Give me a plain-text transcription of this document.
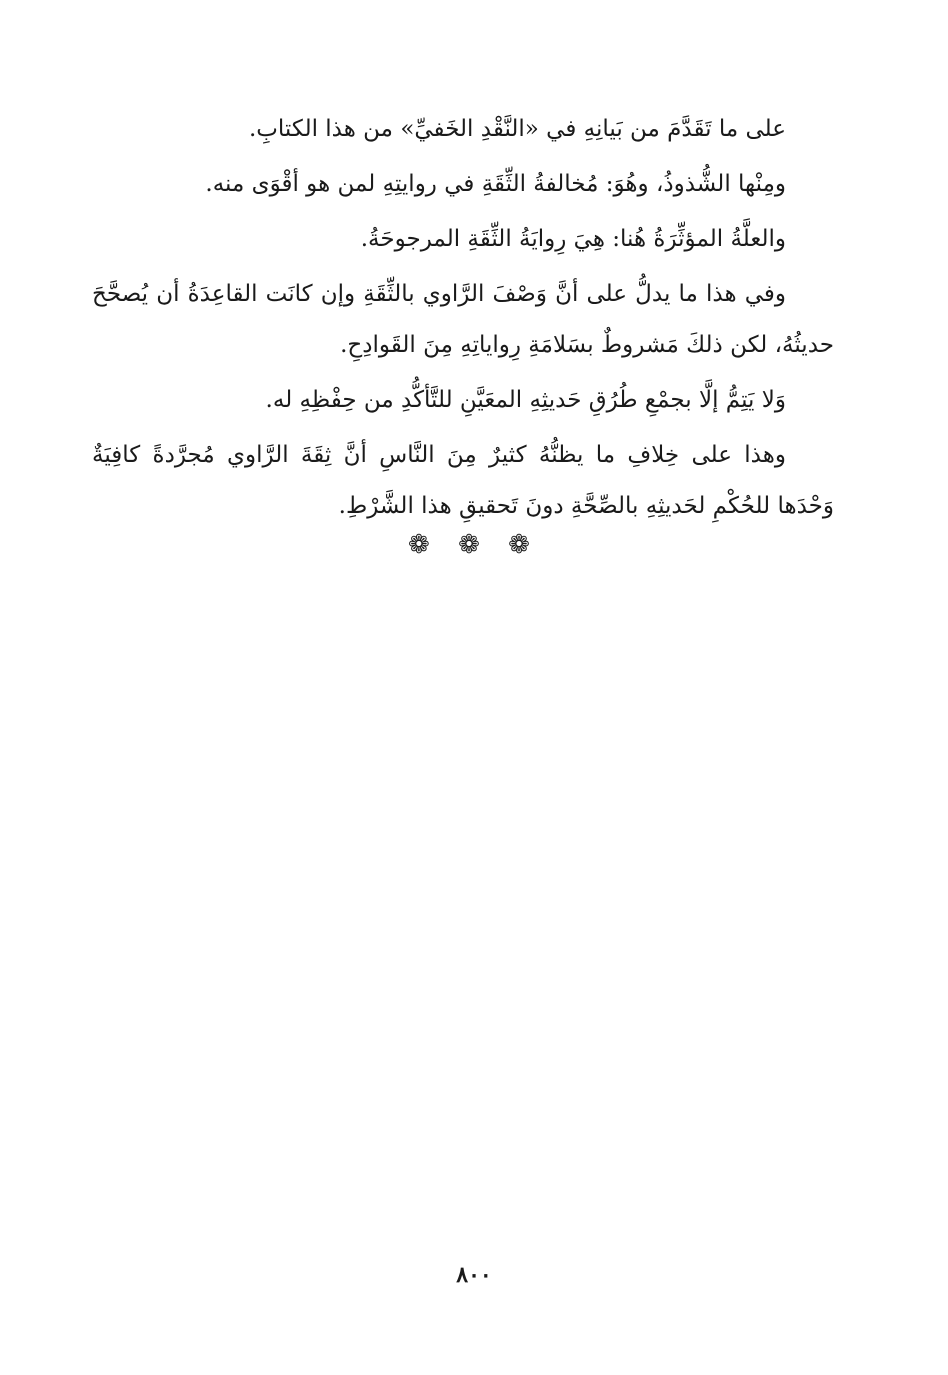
على ما تَقَدَّمَ من بَيانِهِ في «النَّقْدِ الخَفيِّ» من هذا الكتابِ.

ومِنْها الشُّذوذُ، وهُوَ: مُخالفةُ الثِّقَةِ في روايتِهِ لمن هو أقْوَى منه.

والعلَّةُ المؤثِّرَةُ هُنا: هِيَ رِوايَةُ الثِّقَةِ المرجوحَةُ.

وفي هذا ما يدلُّ على أنَّ وَصْفَ الرَّاوي بالثِّقَةِ وإن كانَت القاعِدَةُ أن يُصحَّحَ حديثُهُ، لكن ذلكَ مَشروطٌ بسَلامَةِ رِواياتِهِ مِنَ القَوادِحِ.

وَلا يَتِمُّ إلَّا بجمْعِ طُرُقِ حَديثِهِ المعَيَّنِ للتَّأكُّدِ من حِفْظِهِ له.

وهذا على خِلافِ ما يظنُّهُ كثيرٌ مِنَ النَّاسِ أنَّ ثِقَةَ الرَّاوي مُجرَّدةً كافِيَةٌ وَحْدَها للحُكْمِ لحَديثِهِ بالصِّحَّةِ دونَ تَحقيقِ هذا الشَّرْطِ.

❁ ❁ ❁
٨٠٠
